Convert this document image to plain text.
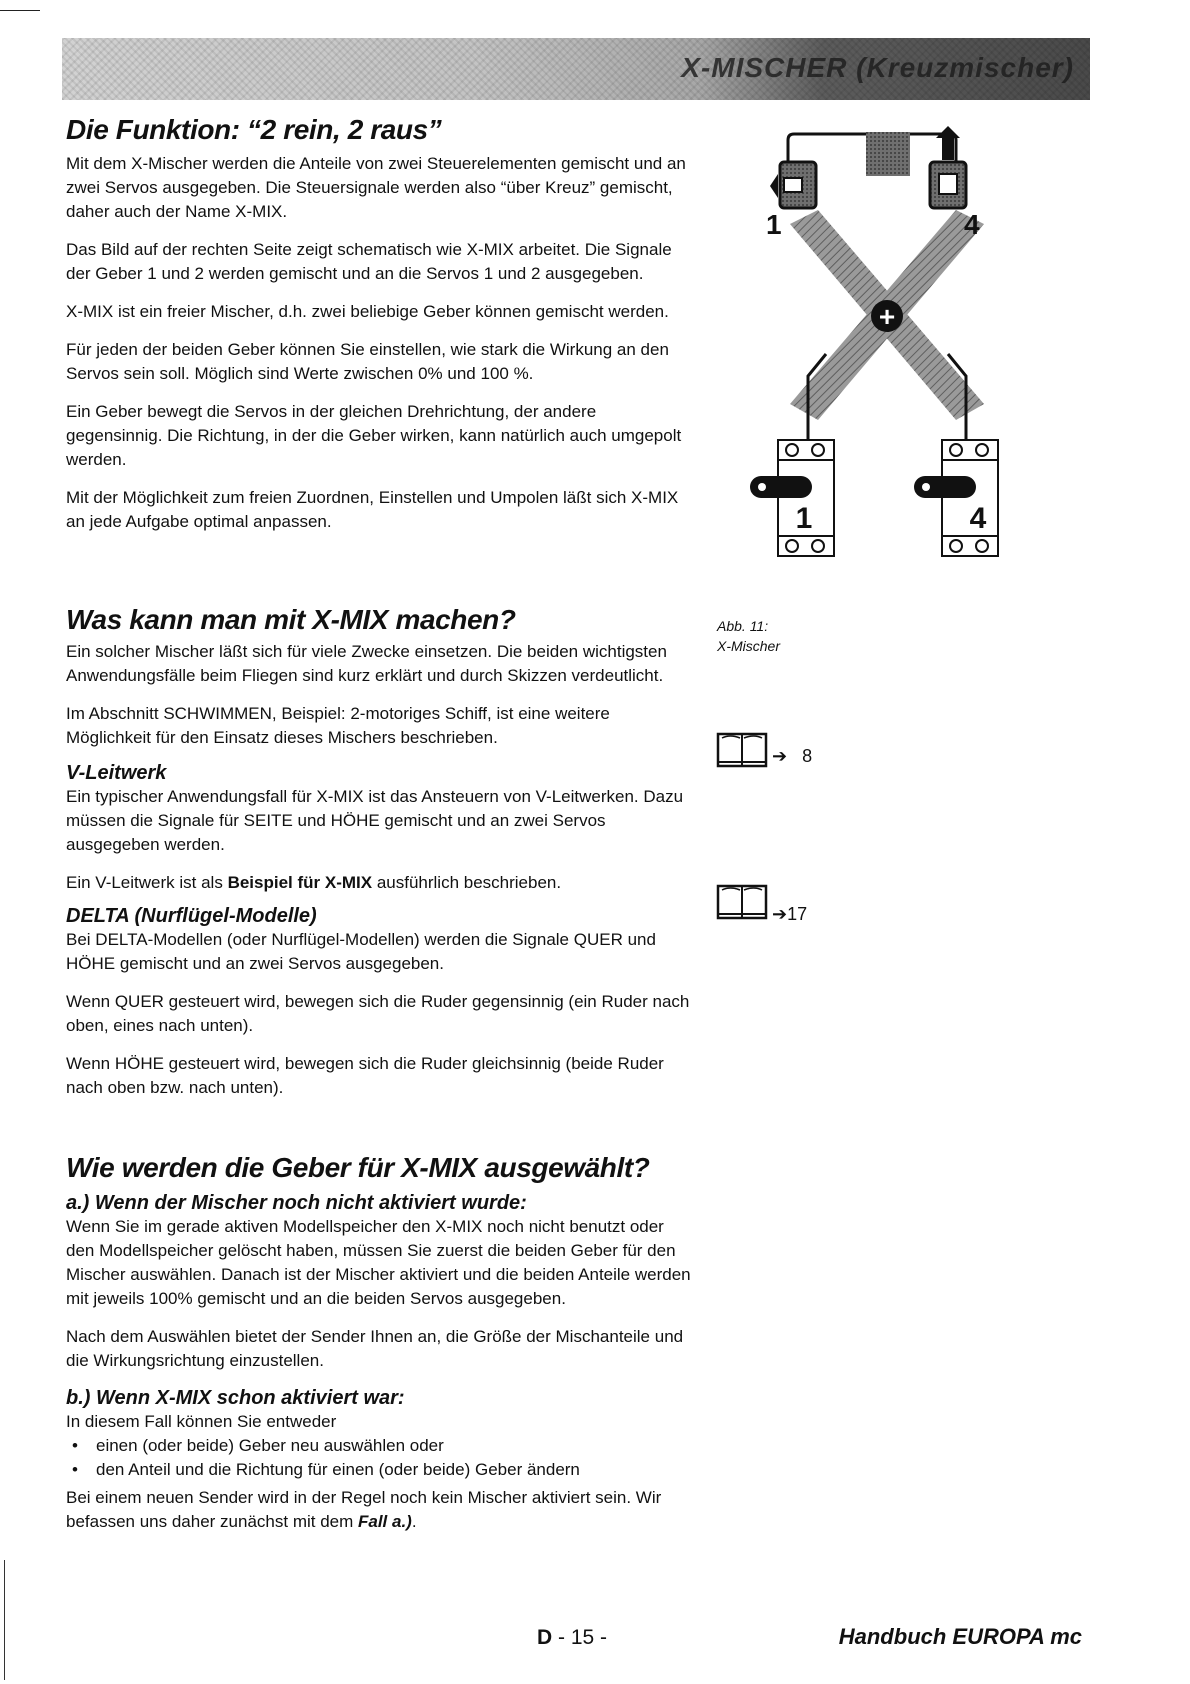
X-MISCHER (Kreuzmischer)
Die Funktion: “2 rein, 2 raus”

Mit dem X-Mischer werden die Anteile von zwei Steuerelementen gemischt und an zwei Servos ausgegeben. Die Steuersignale werden also “über Kreuz” gemischt, daher auch der Name X-MIX.

Das Bild auf der rechten Seite zeigt schematisch wie X-MIX arbeitet. Die Signale der Geber 1 und 2 werden gemischt und an die Servos 1 und 2 ausgegeben.

X-MIX ist ein freier Mischer, d.h. zwei beliebige Geber können gemischt werden.

Für jeden der beiden Geber können Sie einstellen, wie stark die Wirkung an den Servos sein soll. Möglich sind Werte zwischen 0% und 100 %.

Ein Geber bewegt die Servos in der gleichen Drehrichtung, der andere gegensinnig. Die Richtung, in der die Geber wirken, kann natürlich auch umgepolt werden.

Mit der Möglichkeit zum freien Zuordnen, Einstellen und Umpolen läßt sich X-MIX an jede Aufgabe optimal anpassen.

Was kann man mit X-MIX machen?

Ein solcher Mischer läßt sich für viele Zwecke einsetzen. Die beiden wichtigsten Anwendungsfälle beim Fliegen sind kurz erklärt und durch Skizzen verdeutlicht.

Im Abschnitt SCHWIMMEN, Beispiel: 2-motoriges Schiff, ist eine weitere Möglichkeit für den Einsatz dieses Mischers beschrieben.

V-Leitwerk

Ein typischer Anwendungsfall für X-MIX ist das Ansteuern von V-Leitwerken. Dazu müssen die Signale für SEITE und HÖHE gemischt und an zwei Servos ausgegeben werden.

Ein V-Leitwerk ist als Beispiel für X-MIX ausführlich beschrieben.

DELTA (Nurflügel-Modelle)

Bei DELTA-Modellen (oder Nurflügel-Modellen) werden die Signale QUER und HÖHE gemischt und an zwei Servos ausgegeben.

Wenn QUER gesteuert wird, bewegen sich die Ruder gegensinnig (ein Ruder nach oben, eines nach unten).

Wenn HÖHE gesteuert wird, bewegen sich die Ruder gleichsinnig (beide Ruder nach oben bzw. nach unten).

Wie werden die Geber für X-MIX ausgewählt?
a.) Wenn der Mischer noch nicht aktiviert wurde:

Wenn Sie im gerade aktiven Modellspeicher den X-MIX noch nicht benutzt oder den Modellspeicher gelöscht haben, müssen Sie zuerst die beiden Geber für den Mischer auswählen. Danach ist der Mischer aktiviert und die beiden Anteile werden mit jeweils 100% gemischt und an die beiden Servos ausgegeben.

Nach dem Auswählen bietet der Sender Ihnen an, die Größe der Mischanteile und die Wirkungsrichtung einzustellen.

b.) Wenn X-MIX schon aktiviert war:

In diesem Fall können Sie entweder

• einen (oder beide) Geber neu auswählen oder
• den Anteil und die Richtung für einen (oder beide) Geber ändern

Bei einem neuen Sender wird in der Regel noch kein Mischer aktiviert sein. Wir befassen uns daher zunächst mit dem Fall a.).

+
1	4
1	4
Abb. 11:
X-Mischer
➔ 8
➔17
D - 15 -	Handbuch EUROPA mc
